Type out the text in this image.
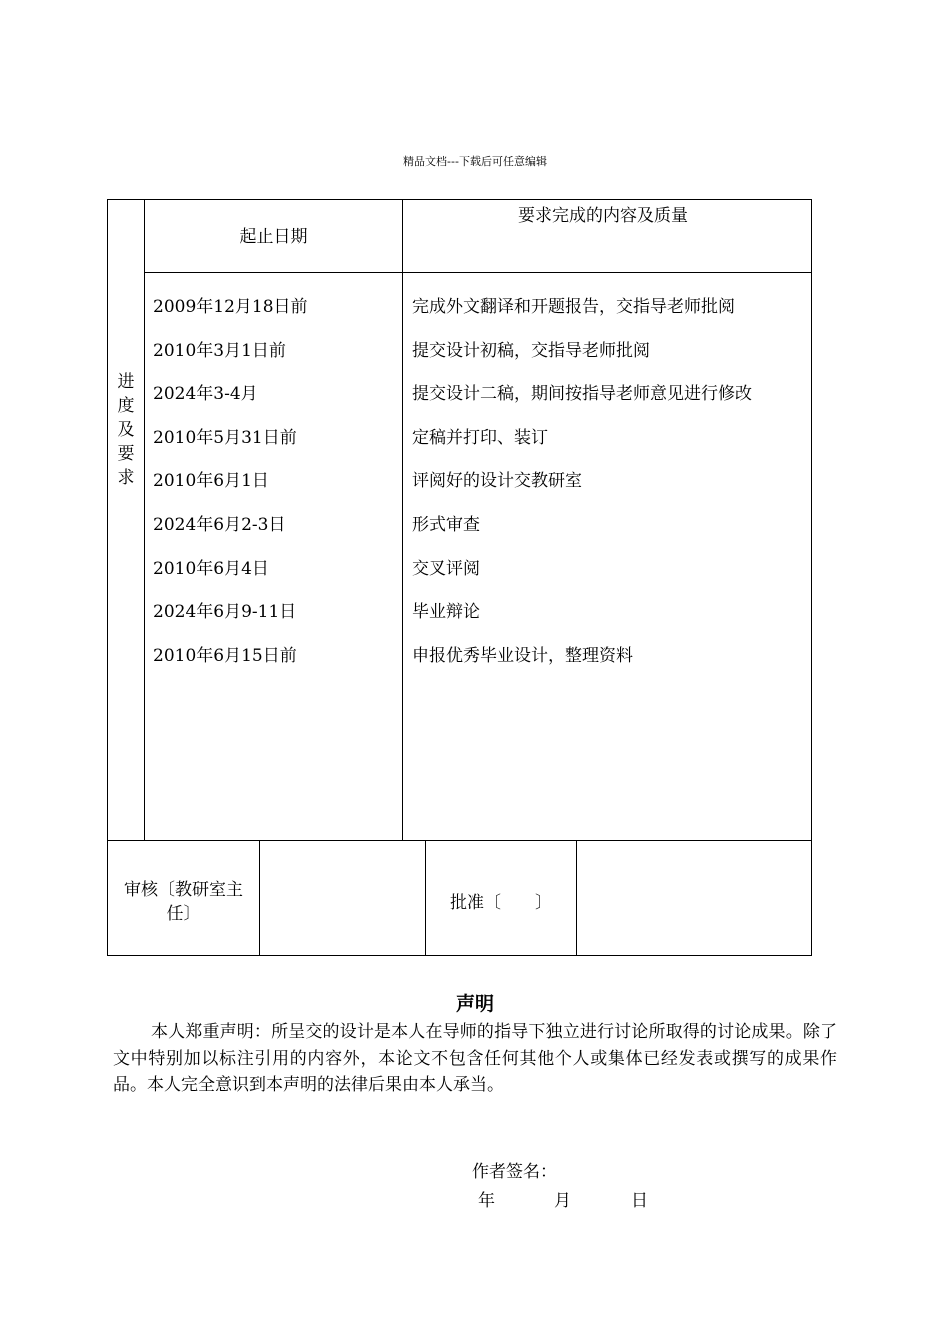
精品文档---下载后可任意编辑
进
度
及
要
求
起止日期
要求完成的内容及质量
2009年12月18日前
2010年3月1日前
2024年3-4月
2010年5月31日前
2010年6月1日
2024年6月2-3日
2010年6月4日
2024年6月9-11日
2010年6月15日前
完成外文翻译和开题报告，交指导老师批阅
提交设计初稿，交指导老师批阅
提交设计二稿，期间按指导老师意见进行修改
定稿并打印、装订
评阅好的设计交教研室
形式审查
交叉评阅
毕业辩论
申报优秀毕业设计，整理资料
审核〔教研室主
任〕
批准〔　　〕
声明

本人郑重声明：所呈交的设计是本人在导师的指导下独立进行讨论所取得的讨论成果。除了文中特别加以标注引用的内容外，本论文不包含任何其他个人或集体已经发表或撰写的成果作品。本人完全意识到本声明的法律后果由本人承当。

作者签名：
年	月	日
